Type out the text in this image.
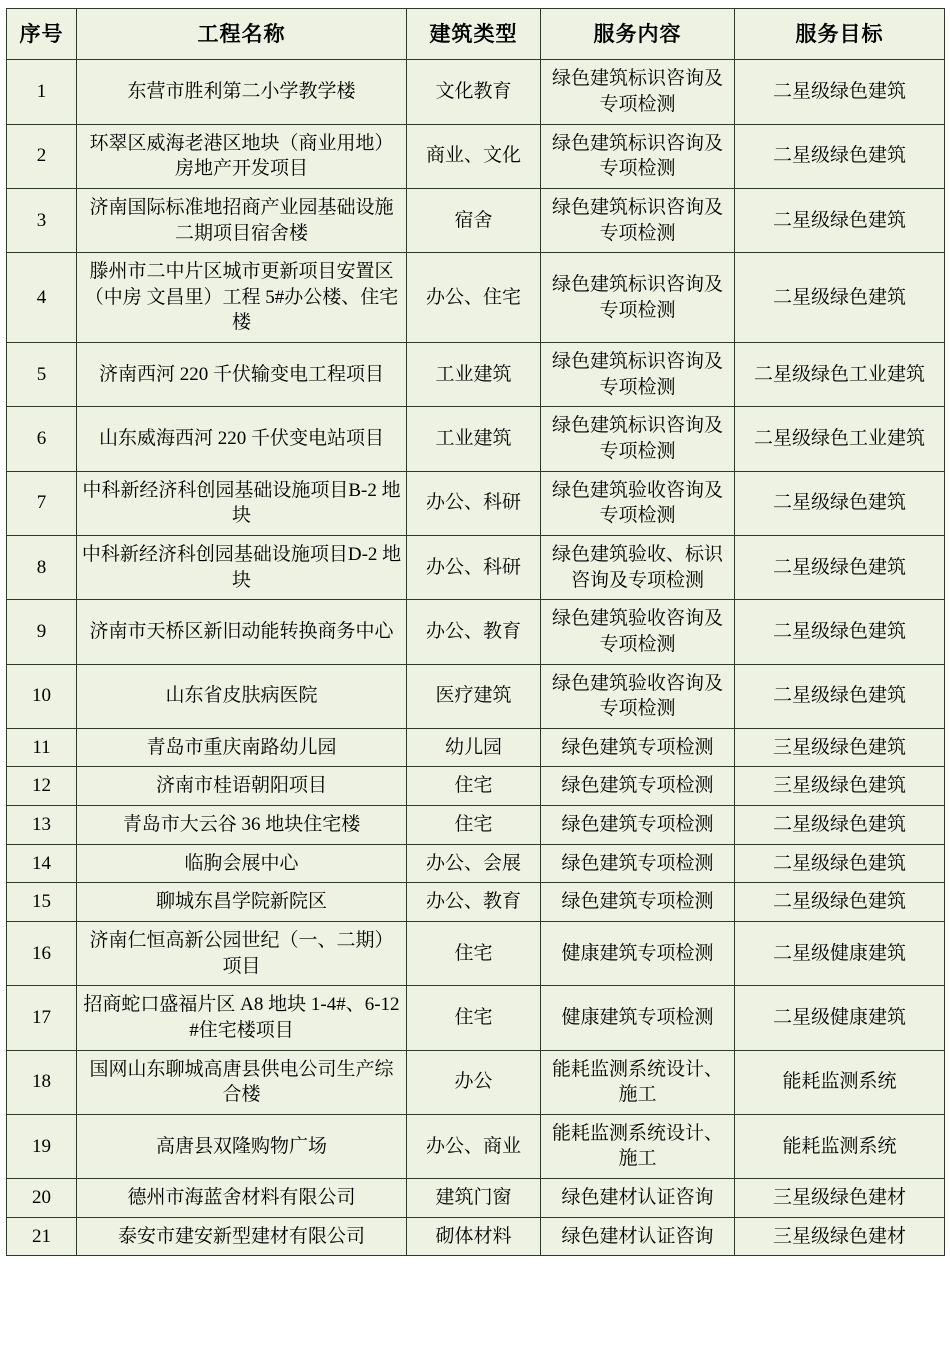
序号	工程名称	建筑类型	服务内容	服务目标
1	东营市胜利第二小学教学楼	文化教育	绿色建筑标识咨询及专项检测	二星级绿色建筑
2	环翠区威海老港区地块（商业用地）房地产开发项目	商业、文化	绿色建筑标识咨询及专项检测	二星级绿色建筑
3	济南国际标准地招商产业园基础设施二期项目宿舍楼	宿舍	绿色建筑标识咨询及专项检测	二星级绿色建筑
4	滕州市二中片区城市更新项目安置区（中房 文昌里）工程 5#办公楼、住宅楼	办公、住宅	绿色建筑标识咨询及专项检测	二星级绿色建筑
5	济南西河 220 千伏输变电工程项目	工业建筑	绿色建筑标识咨询及专项检测	二星级绿色工业建筑
6	山东威海西河 220 千伏变电站项目	工业建筑	绿色建筑标识咨询及专项检测	二星级绿色工业建筑
7	中科新经济科创园基础设施项目B-2 地块	办公、科研	绿色建筑验收咨询及专项检测	二星级绿色建筑
8	中科新经济科创园基础设施项目D-2 地块	办公、科研	绿色建筑验收、标识咨询及专项检测	二星级绿色建筑
9	济南市天桥区新旧动能转换商务中心	办公、教育	绿色建筑验收咨询及专项检测	二星级绿色建筑
10	山东省皮肤病医院	医疗建筑	绿色建筑验收咨询及专项检测	二星级绿色建筑
11	青岛市重庆南路幼儿园	幼儿园	绿色建筑专项检测	三星级绿色建筑
12	济南市桂语朝阳项目	住宅	绿色建筑专项检测	三星级绿色建筑
13	青岛市大云谷 36 地块住宅楼	住宅	绿色建筑专项检测	二星级绿色建筑
14	临朐会展中心	办公、会展	绿色建筑专项检测	二星级绿色建筑
15	聊城东昌学院新院区	办公、教育	绿色建筑专项检测	二星级绿色建筑
16	济南仁恒高新公园世纪（一、二期）项目	住宅	健康建筑专项检测	二星级健康建筑
17	招商蛇口盛福片区 A8 地块 1-4#、6-12#住宅楼项目	住宅	健康建筑专项检测	二星级健康建筑
18	国网山东聊城高唐县供电公司生产综合楼	办公	能耗监测系统设计、施工	能耗监测系统
19	高唐县双隆购物广场	办公、商业	能耗监测系统设计、施工	能耗监测系统
20	德州市海蓝舍材料有限公司	建筑门窗	绿色建材认证咨询	三星级绿色建材
21	泰安市建安新型建材有限公司	砌体材料	绿色建材认证咨询	三星级绿色建材
